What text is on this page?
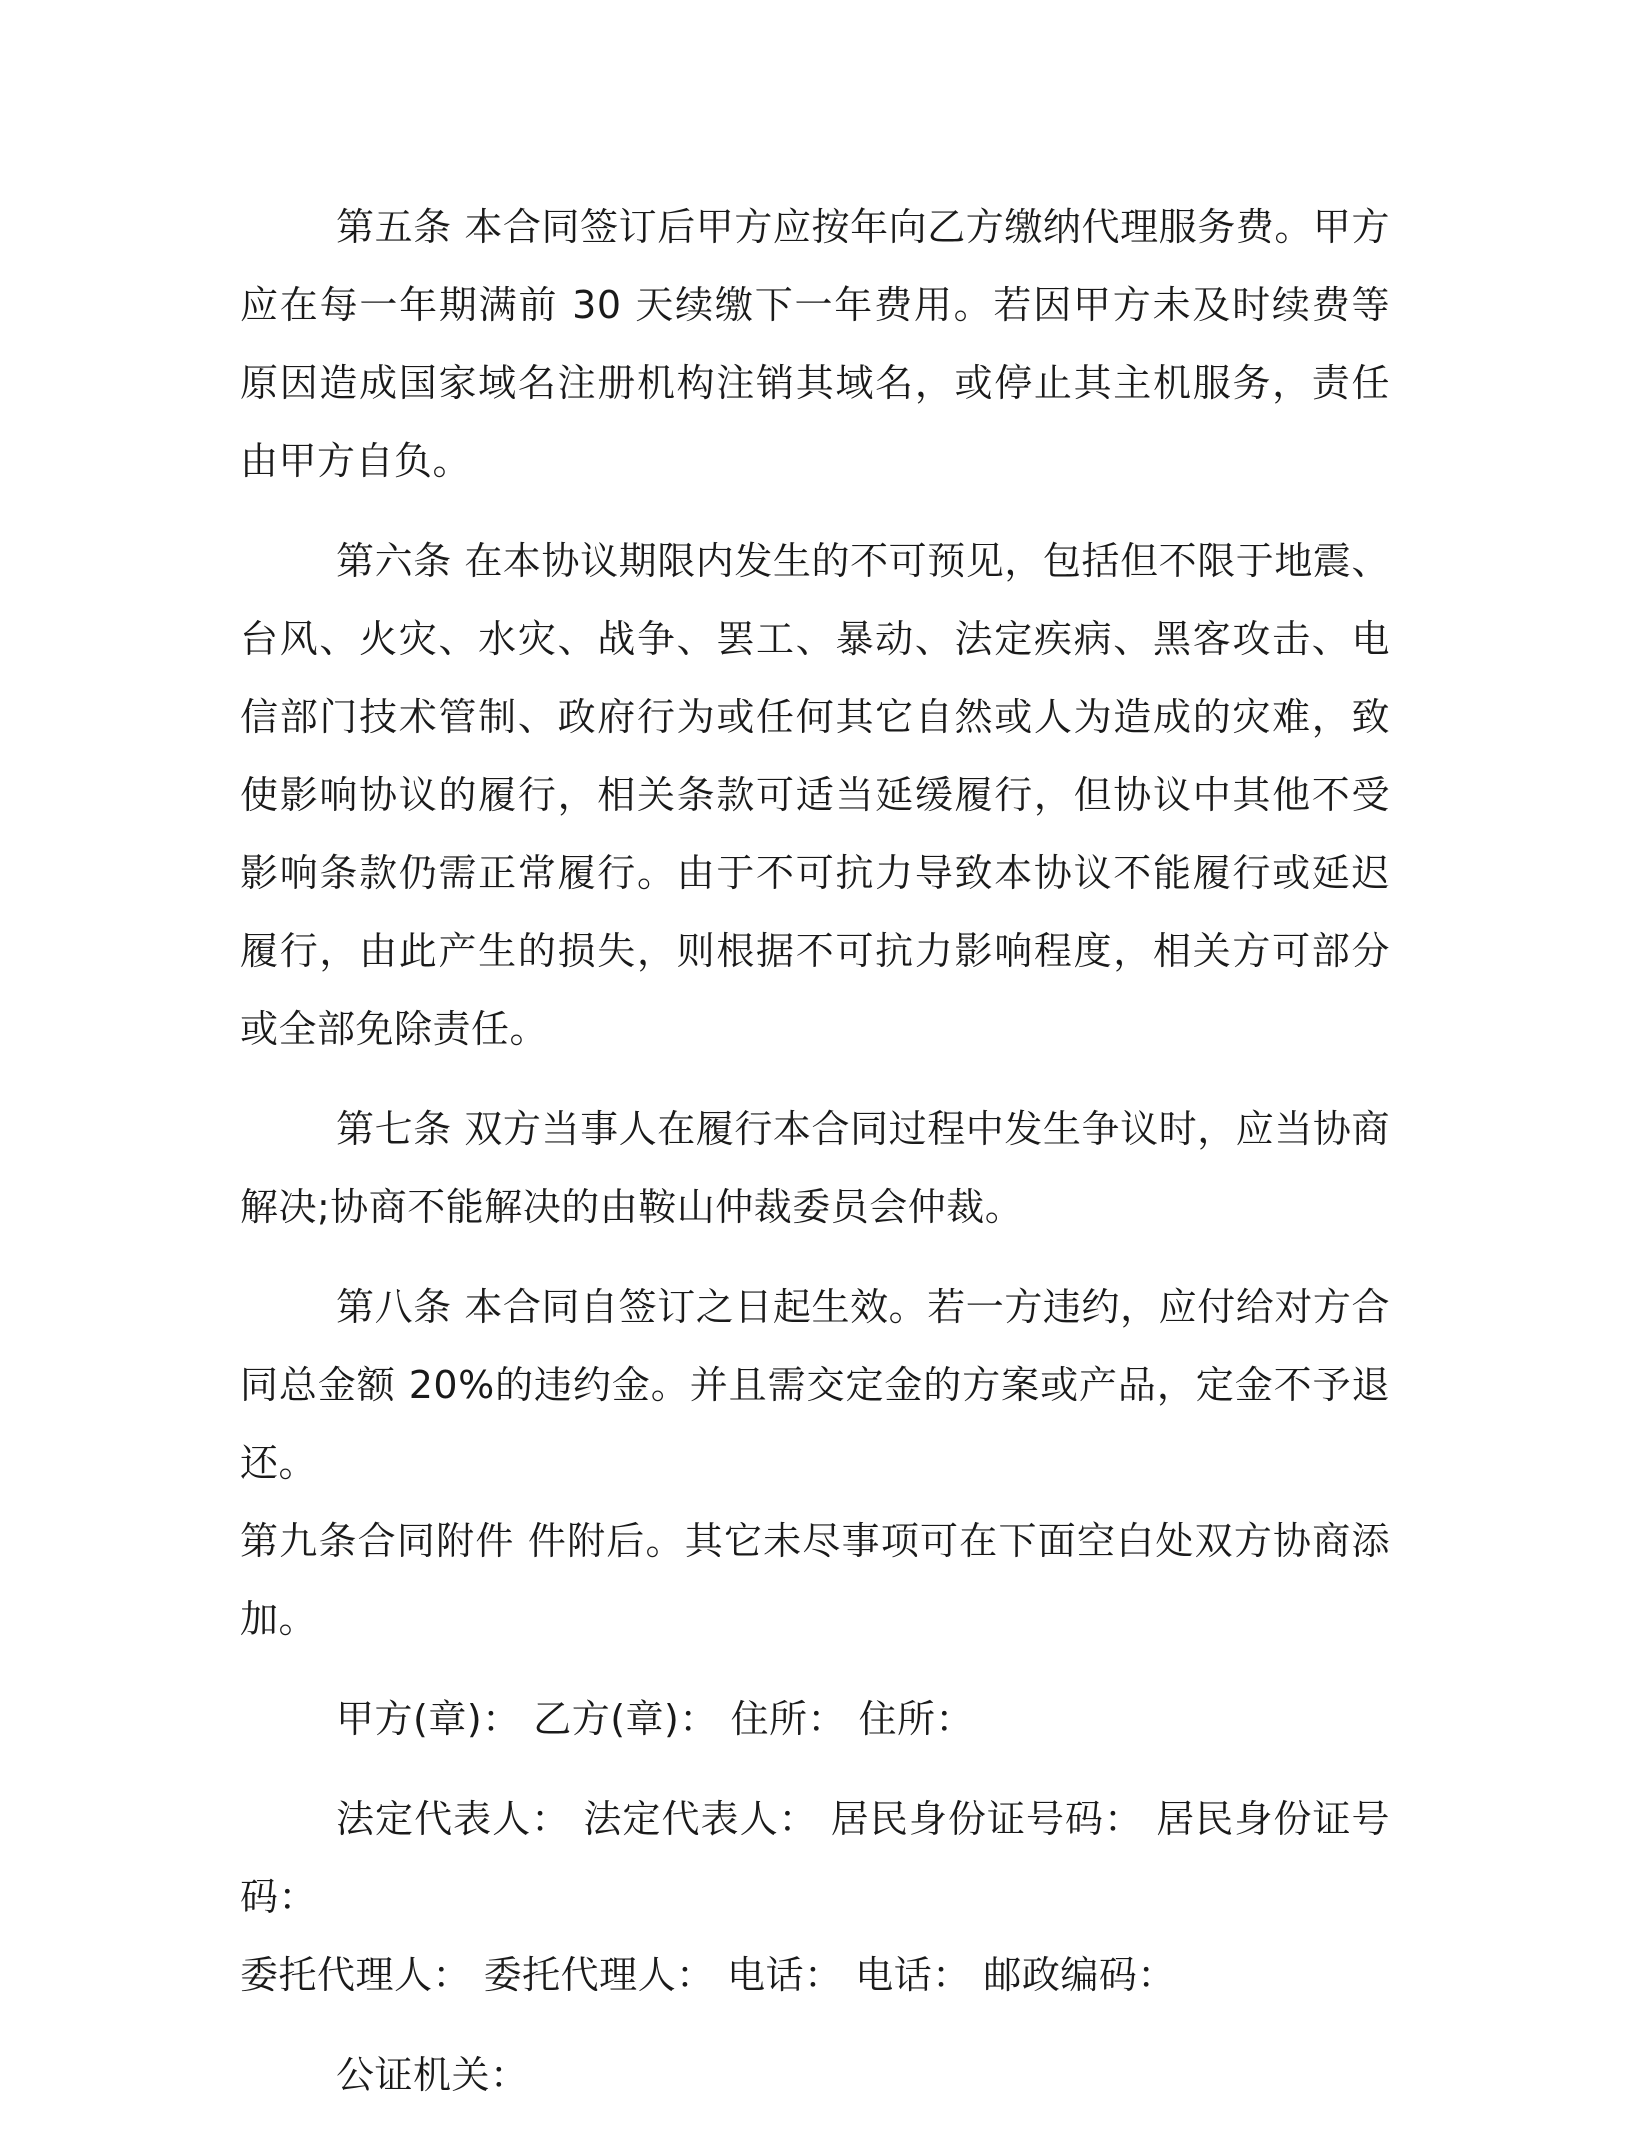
第五条 本合同签订后甲方应按年向乙方缴纳代理服务费。甲方应在每一年期满前 30 天续缴下一年费用。若因甲方未及时续费等原因造成国家域名注册机构注销其域名，或停止其主机服务，责任由甲方自负。

第六条 在本协议期限内发生的不可预见，包括但不限于地震、台风、火灾、水灾、战争、罢工、暴动、法定疾病、黑客攻击、电信部门技术管制、政府行为或任何其它自然或人为造成的灾难，致使影响协议的履行，相关条款可适当延缓履行，但协议中其他不受影响条款仍需正常履行。由于不可抗力导致本协议不能履行或延迟履行，由此产生的损失，则根据不可抗力影响程度，相关方可部分或全部免除责任。

第七条 双方当事人在履行本合同过程中发生争议时，应当协商解决;协商不能解决的由鞍山仲裁委员会仲裁。

第八条 本合同自签订之日起生效。若一方违约，应付给对方合同总金额 20%的违约金。并且需交定金的方案或产品，定金不予退还。

第九条合同附件 件附后。其它未尽事项可在下面空白处双方协商添加。

甲方(章)： 乙方(章)： 住所： 住所：

法定代表人： 法定代表人： 居民身份证号码： 居民身份证号码：

委托代理人： 委托代理人： 电话： 电话： 邮政编码：

公证机关：
